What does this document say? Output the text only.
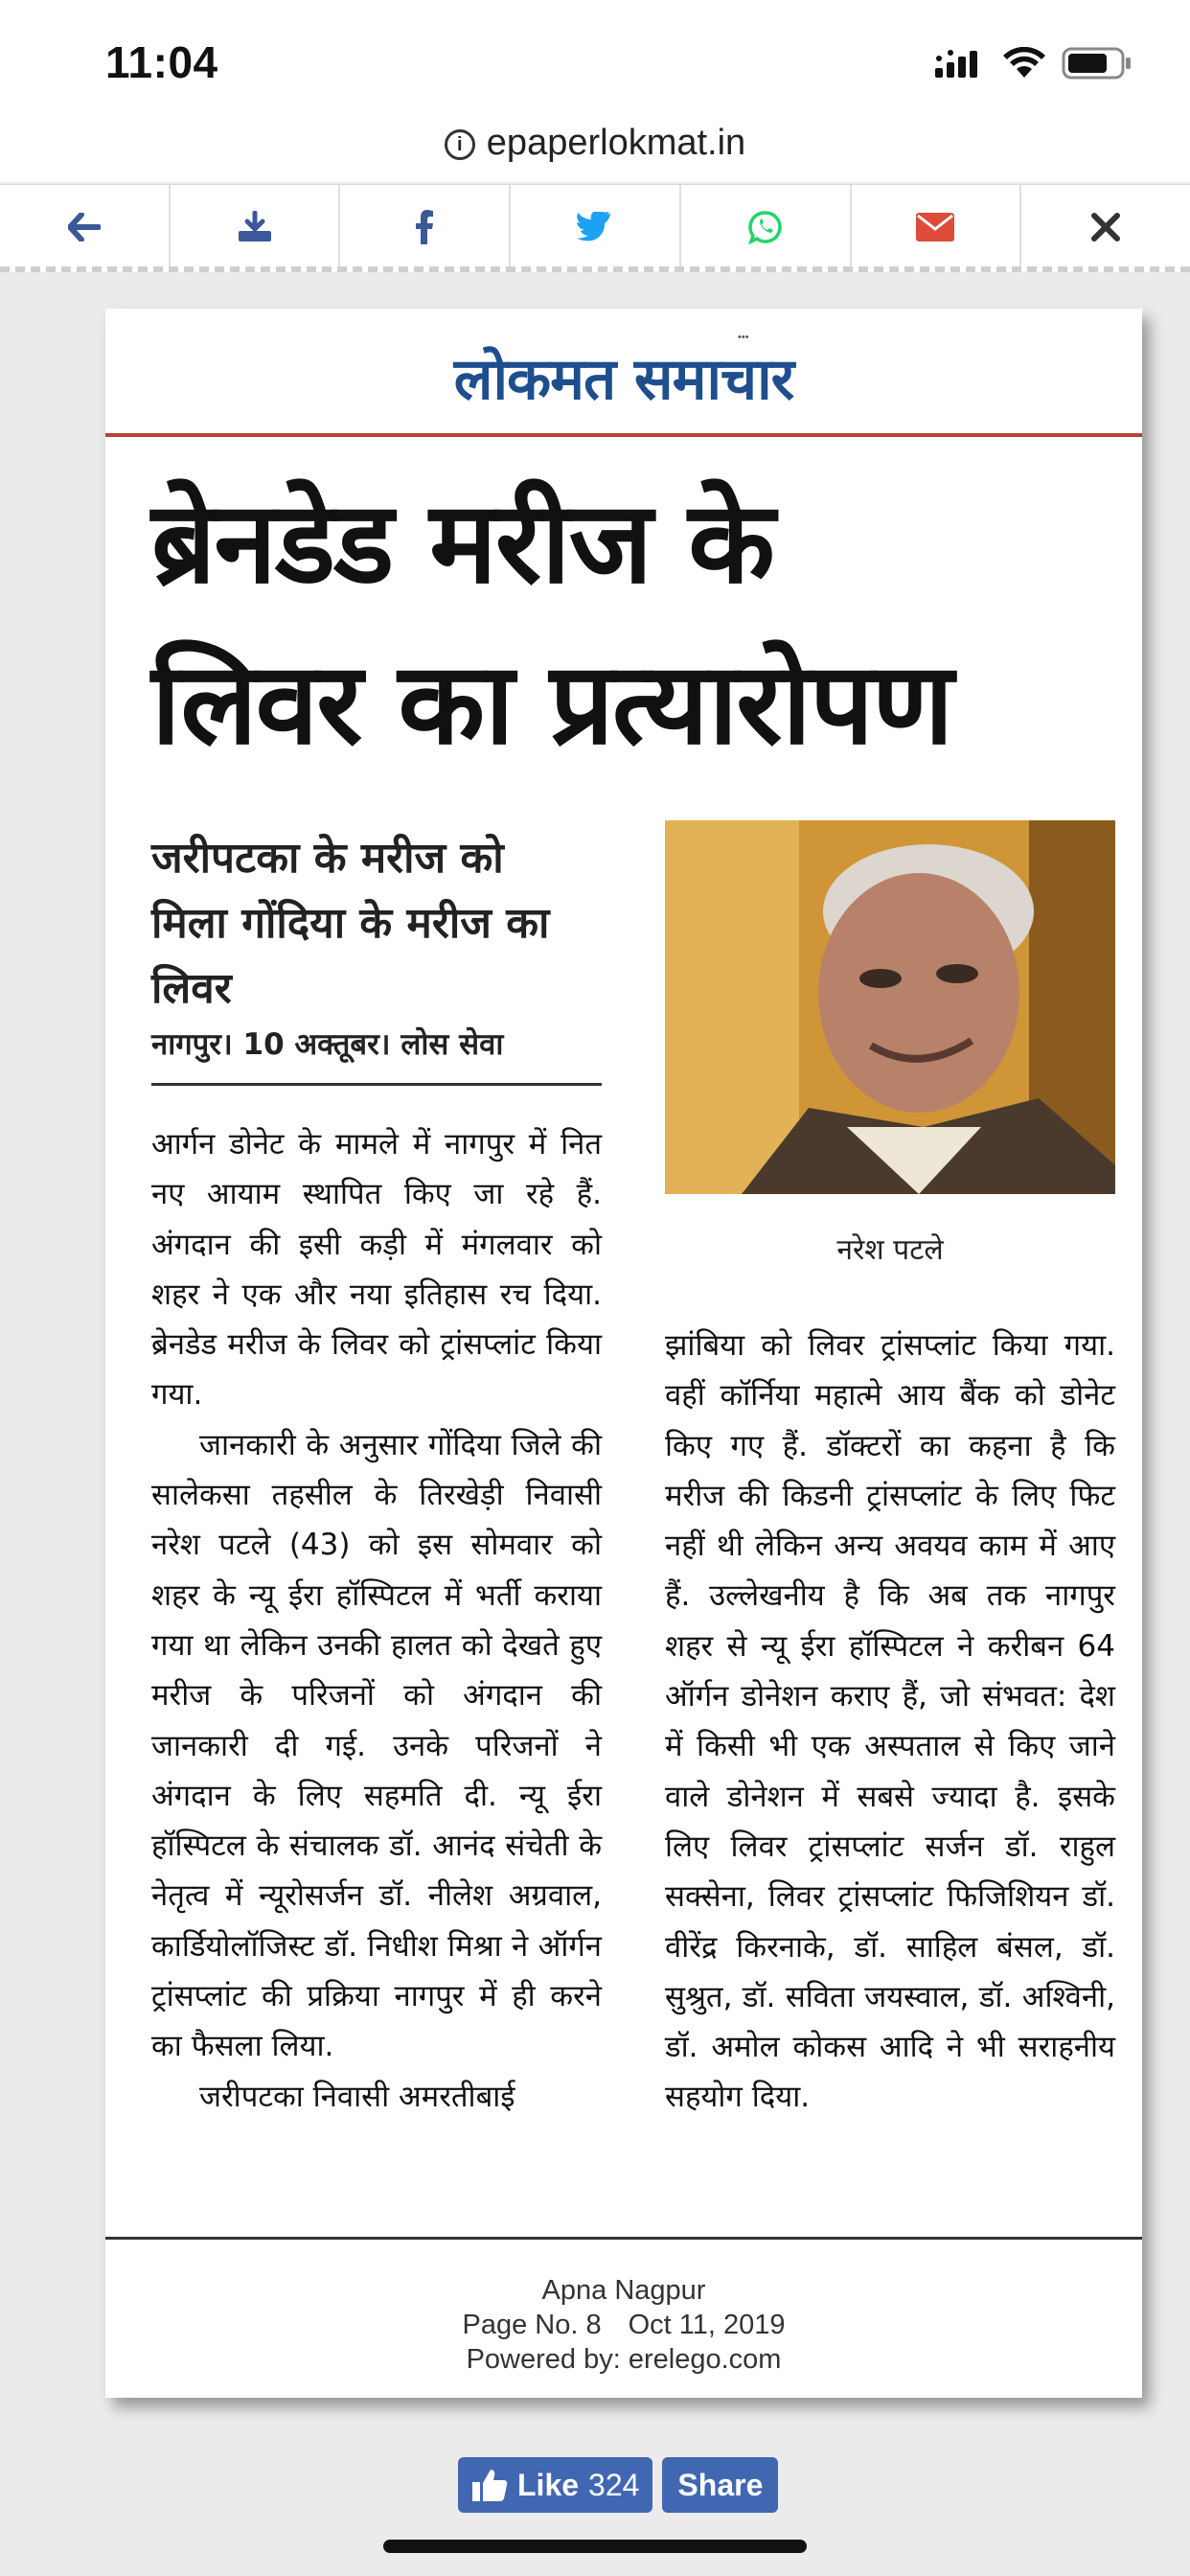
11:04
i epaperlokmat.in
•••
लोकमत समाचार
ब्रेनडेड मरीज के
लिवर का प्रत्यारोपण
जरीपटका के मरीज को मिला गोंदिया के मरीज का लिवर
नागपुर। 10 अक्तूबर। लोस सेवा
नरेश पटले

आर्गन डोनेट के मामले में नागपुर में नित नए आयाम स्थापित किए जा रहे हैं. अंगदान की इसी कड़ी में मंगलवार को शहर ने एक और नया इतिहास रच दिया. ब्रेनडेड मरीज के लिवर को ट्रांसप्लांट किया गया.

जानकारी के अनुसार गोंदिया जिले की सालेकसा तहसील के तिरखेड़ी निवासी नरेश पटले (43) को इस सोमवार को शहर के न्यू ईरा हॉस्पिटल में भर्ती कराया गया था लेकिन उनकी हालत को देखते हुए मरीज के परिजनों को अंगदान की जानकारी दी गई. उनके परिजनों ने अंगदान के लिए सहमति दी. न्यू ईरा हॉस्पिटल के संचालक डॉ. आनंद संचेती के नेतृत्व में न्यूरोसर्जन डॉ. नीलेश अग्रवाल, कार्डियोलॉजिस्ट डॉ. निधीश मिश्रा ने ऑर्गन ट्रांसप्लांट की प्रक्रिया नागपुर में ही करने का फैसला लिया.

जरीपटका निवासी अमरतीबाई

झांबिया को लिवर ट्रांसप्लांट किया गया. वहीं कॉर्निया महात्मे आय बैंक को डोनेट किए गए हैं. डॉक्टरों का कहना है कि मरीज की किडनी ट्रांसप्लांट के लिए फिट नहीं थी लेकिन अन्य अवयव काम में आए हैं. उल्लेखनीय है कि अब तक नागपुर शहर से न्यू ईरा हॉस्पिटल ने करीबन 64 ऑर्गन डोनेशन कराए हैं, जो संभवत: देश में किसी भी एक अस्पताल से किए जाने वाले डोनेशन में सबसे ज्यादा है. इसके लिए लिवर ट्रांसप्लांट सर्जन डॉ. राहुल सक्सेना, लिवर ट्रांसप्लांट फिजिशियन डॉ. वीरेंद्र किरनाके, डॉ. साहिल बंसल, डॉ. सुश्रुत, डॉ. सविता जयस्वाल, डॉ. अश्विनी, डॉ. अमोल कोकस आदि ने भी सराहनीय सहयोग दिया.
Apna Nagpur
Page No. 8 Oct 11, 2019
Powered by: erelego.com
Like 324	Share
